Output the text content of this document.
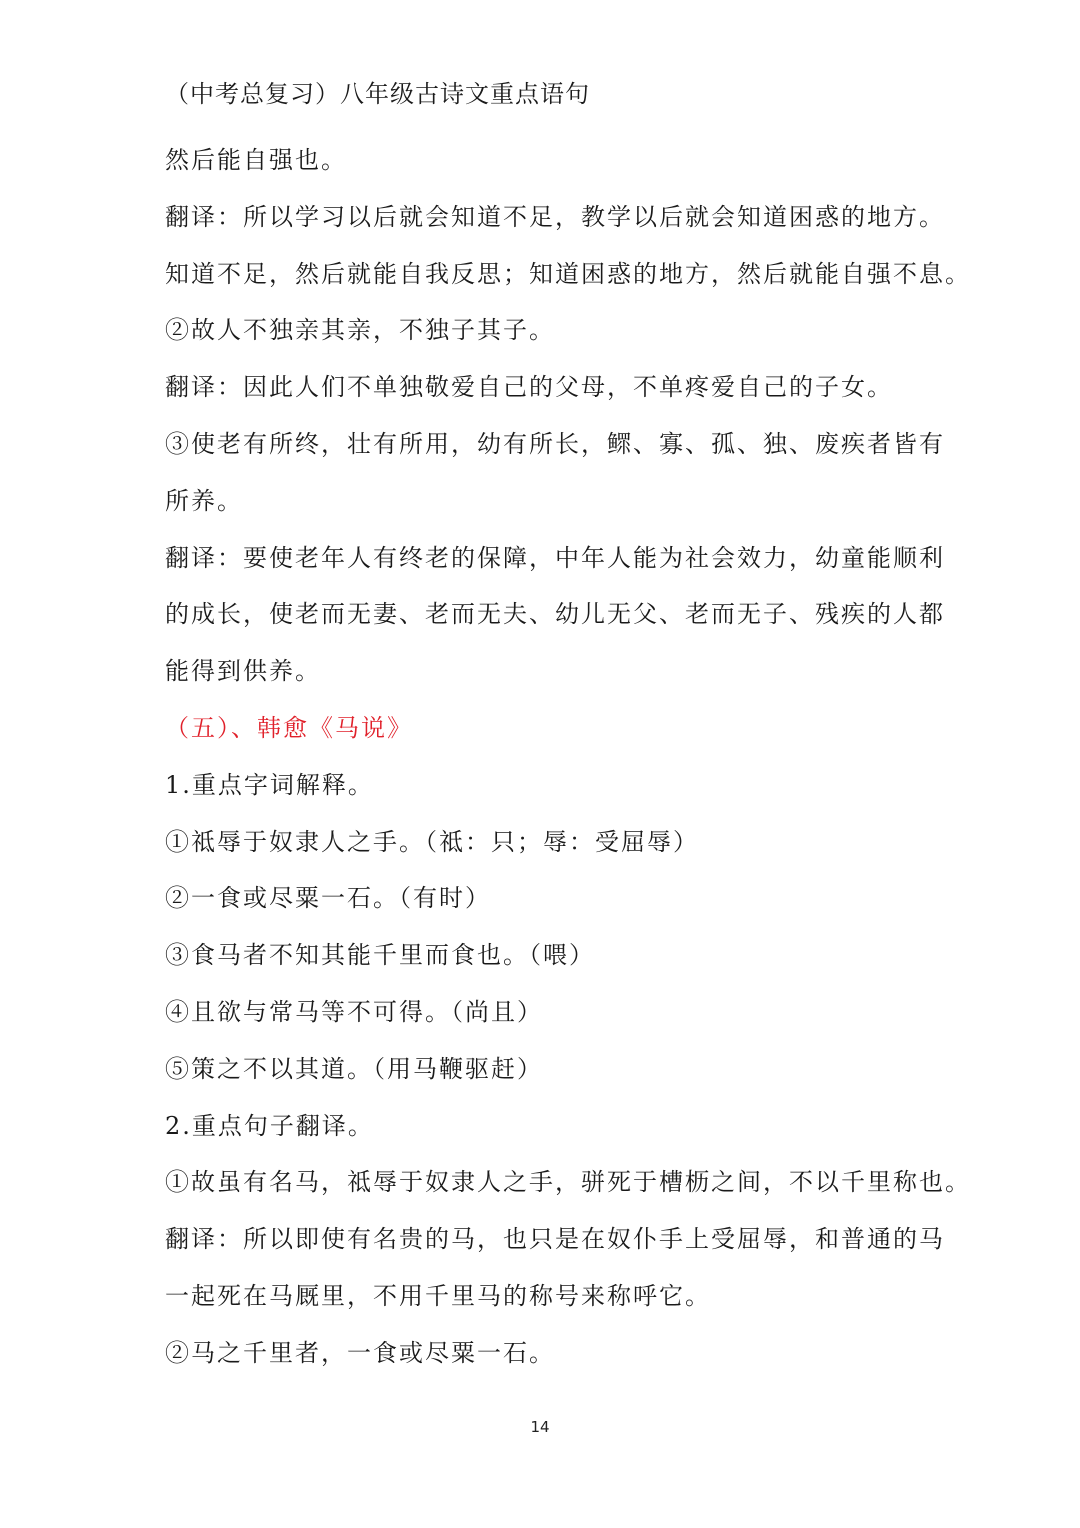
（中考总复习）八年级古诗文重点语句
然后能自强也。
翻译：所以学习以后就会知道不足，教学以后就会知道困惑的地方。
知道不足，然后就能自我反思；知道困惑的地方，然后就能自强不息。
②故人不独亲其亲，不独子其子。
翻译：因此人们不单独敬爱自己的父母，不单疼爱自己的子女。
③使老有所终，壮有所用，幼有所长，鳏、寡、孤、独、废疾者皆有
所养。
翻译：要使老年人有终老的保障，中年人能为社会效力，幼童能顺利
的成长，使老而无妻、老而无夫、幼儿无父、老而无子、残疾的人都
能得到供养。
（五）、韩愈《马说》
1.重点字词解释。
①祗辱于奴隶人之手。（祗：只；辱：受屈辱）
②一食或尽粟一石。（有时）
③食马者不知其能千里而食也。（喂）
④且欲与常马等不可得。（尚且）
⑤策之不以其道。（用马鞭驱赶）
2.重点句子翻译。
①故虽有名马，祗辱于奴隶人之手，骈死于槽枥之间，不以千里称也。
翻译：所以即使有名贵的马，也只是在奴仆手上受屈辱，和普通的马
一起死在马厩里，不用千里马的称号来称呼它。
②马之千里者，一食或尽粟一石。
14
